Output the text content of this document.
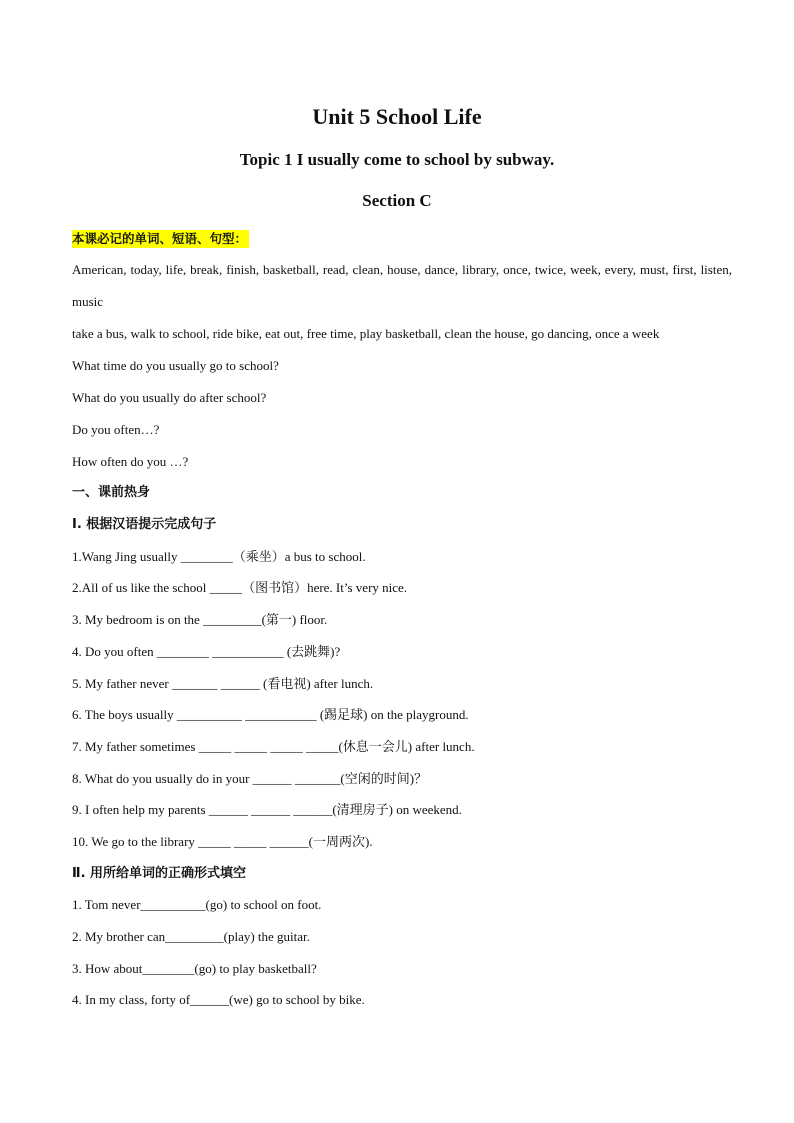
Unit 5 School Life
Topic 1 I usually come to school by subway.
Section C
本课必记的单词、短语、句型：
American, today, life, break, finish, basketball, read, clean, house, dance, library, once, twice, week, every, must, first, listen, music
take a bus, walk to school, ride bike, eat out, free time, play basketball, clean the house, go dancing, once a week
What time do you usually go to school?
What do you usually do after school?
Do you often…?
How often do you …?
一、课前热身
Ⅰ. 根据汉语提示完成句子
1.Wang Jing usually ________（乘坐）a bus to school.
2.All of us like the school _____（图书馆）here. It’s very nice.
3. My bedroom is on the _________(第一) floor.
4. Do you often ________ ___________ (去跳舞)?
5. My father never _______ ______ (看电视) after lunch.
6. The boys usually __________ ___________ (踢足球) on the playground.
7. My father sometimes _____ _____ _____ _____(休息一会儿) after lunch.
8. What do you usually do in your ______ _______(空闲的时间)？
9. I often help my parents ______ ______ ______(清理房子) on weekend.
10. We go to the library _____ _____ ______(一周两次).
Ⅱ. 用所给单词的正确形式填空
1. Tom never__________(go) to school on foot.
2. My brother can_________(play) the guitar.
3. How about________(go) to play basketball?
4. In my class, forty of______(we) go to school by bike.
